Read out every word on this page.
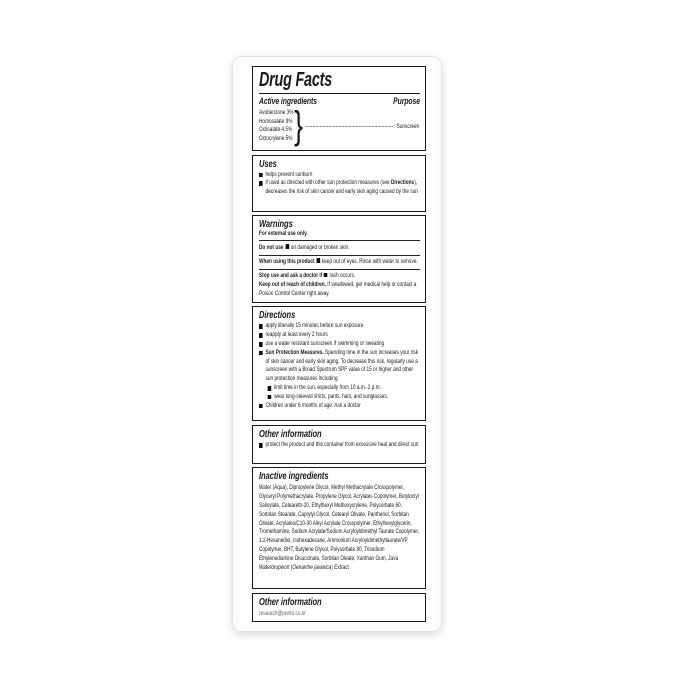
Drug Facts
Active ingredients	Purpose
Avobenzone 3%
Homosalate 9%
Octisalate 4.5%
Octocrylene 5% }	Sunscreen
Uses
helps prevent sunburn
if used as directed with other sun protection measures (see Directions), decreases the risk of skin cancer and early skin aging caused by the sun
Warnings
For external use only.
Do not use on damaged or broken skin.
When using this product keep out of eyes. Rinse with water to remove.
Stop use and ask a doctor if rash occurs.
Keep out of reach of children. If swallowed, get medical help or contact a Poison Control Center right away.
Directions
apply liberally 15 minutes before sun exposure
reapply at least every 2 hours
use a water resistant sunscreen if swimming or sweating
Sun Protection Measures. Spending time in the sun increases your risk of skin cancer and early skin aging. To decrease this risk, regularly use a sunscreen with a Broad Spectrum SPF value of 15 or higher and other sun protection measures including:
limit time in the sun, especially from 10 a.m.-2 p.m.
wear long-sleeved shirts, pants, hats, and sunglasses.
Children under 6 months of age: Ask a doctor
Other information
protect the product and this container from excessive heat and direct sun
Inactive ingredients
Water (Aqua), Dipropylene Glycol, Methyl Methacrylate Crosspolymer, Glyceryl Polymethacrylate, Propylene Glycol, Acrylates Copolymer, Butyloctyl Salicylate, Ceteareth-20, Ethylhexyl Methoxycrylene, Polysorbate 60, Sorbitan Stearate, Caprylyl Glycol, Cetearyl Olivate, Panthenol, Sorbitan Olivate, Acrylates/C10-30 Alkyl Acrylate Crosspolymer, Ethylhexylglycerin, Tromethamine, Sodium Acrylate/Sodium Acryloyldimethyl Taurate Copolymer, 1,2-Hexanediol, Isohexadecane, Ammonium Acryloyldimethyltaurate/VP Copolymer, BHT, Butylene Glycol, Polysorbate 80, Trisodium Ethylenediamine Disuccinate, Sorbitan Oleate, Xanthan Gum, Java Waterdropwort (Oenanthe javanica) Extract
Other information
research@purito.co.kr
